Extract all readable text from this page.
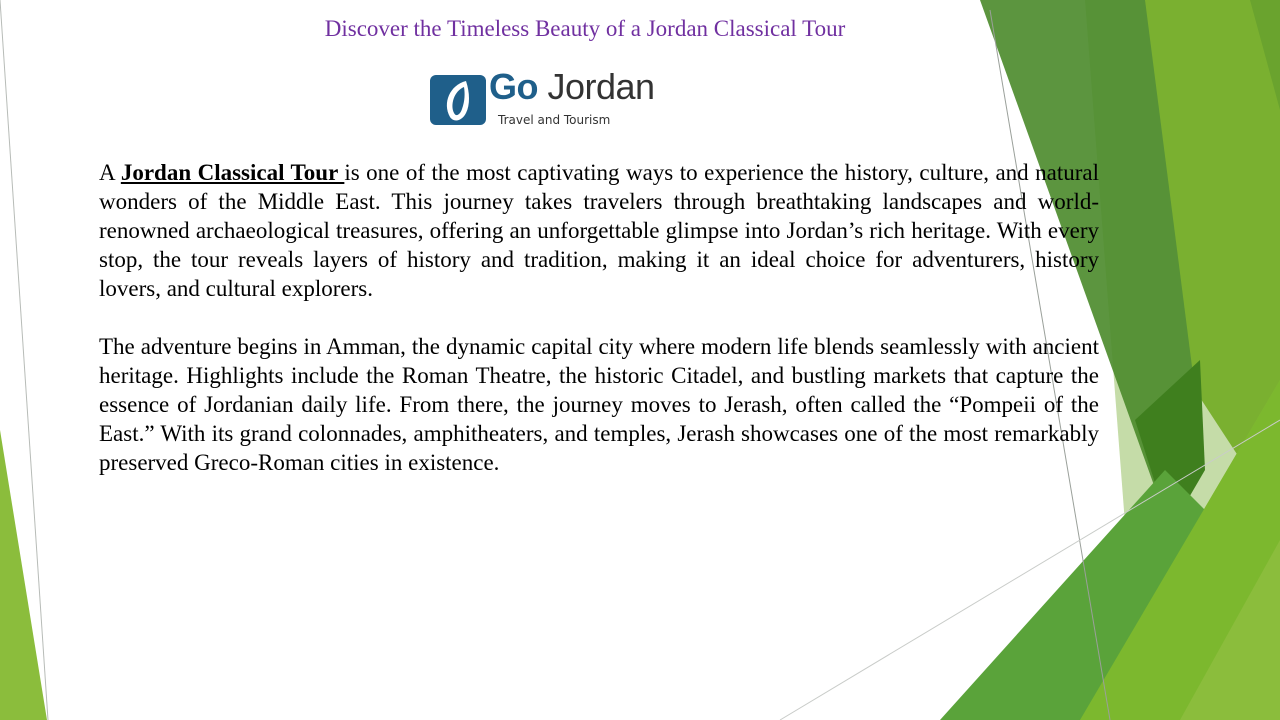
Discover the Timeless Beauty of a Jordan Classical Tour
Go Jordan
Travel and Tourism

A Jordan Classical Tour is one of the most captivating ways to experience the history, culture, and natural wonders of the Middle East. This journey takes travelers through breathtaking landscapes and world-renowned archaeological treasures, offering an unforgettable glimpse into Jordan’s rich heritage. With every stop, the tour reveals layers of history and tradition, making it an ideal choice for adventurers, history lovers, and cultural explorers.

The adventure begins in Amman, the dynamic capital city where modern life blends seamlessly with ancient heritage. Highlights include the Roman Theatre, the historic Citadel, and bustling markets that capture the essence of Jordanian daily life. From there, the journey moves to Jerash, often called the “Pompeii of the East.” With its grand colonnades, amphitheaters, and temples, Jerash showcases one of the most remarkably preserved Greco-Roman cities in existence.
